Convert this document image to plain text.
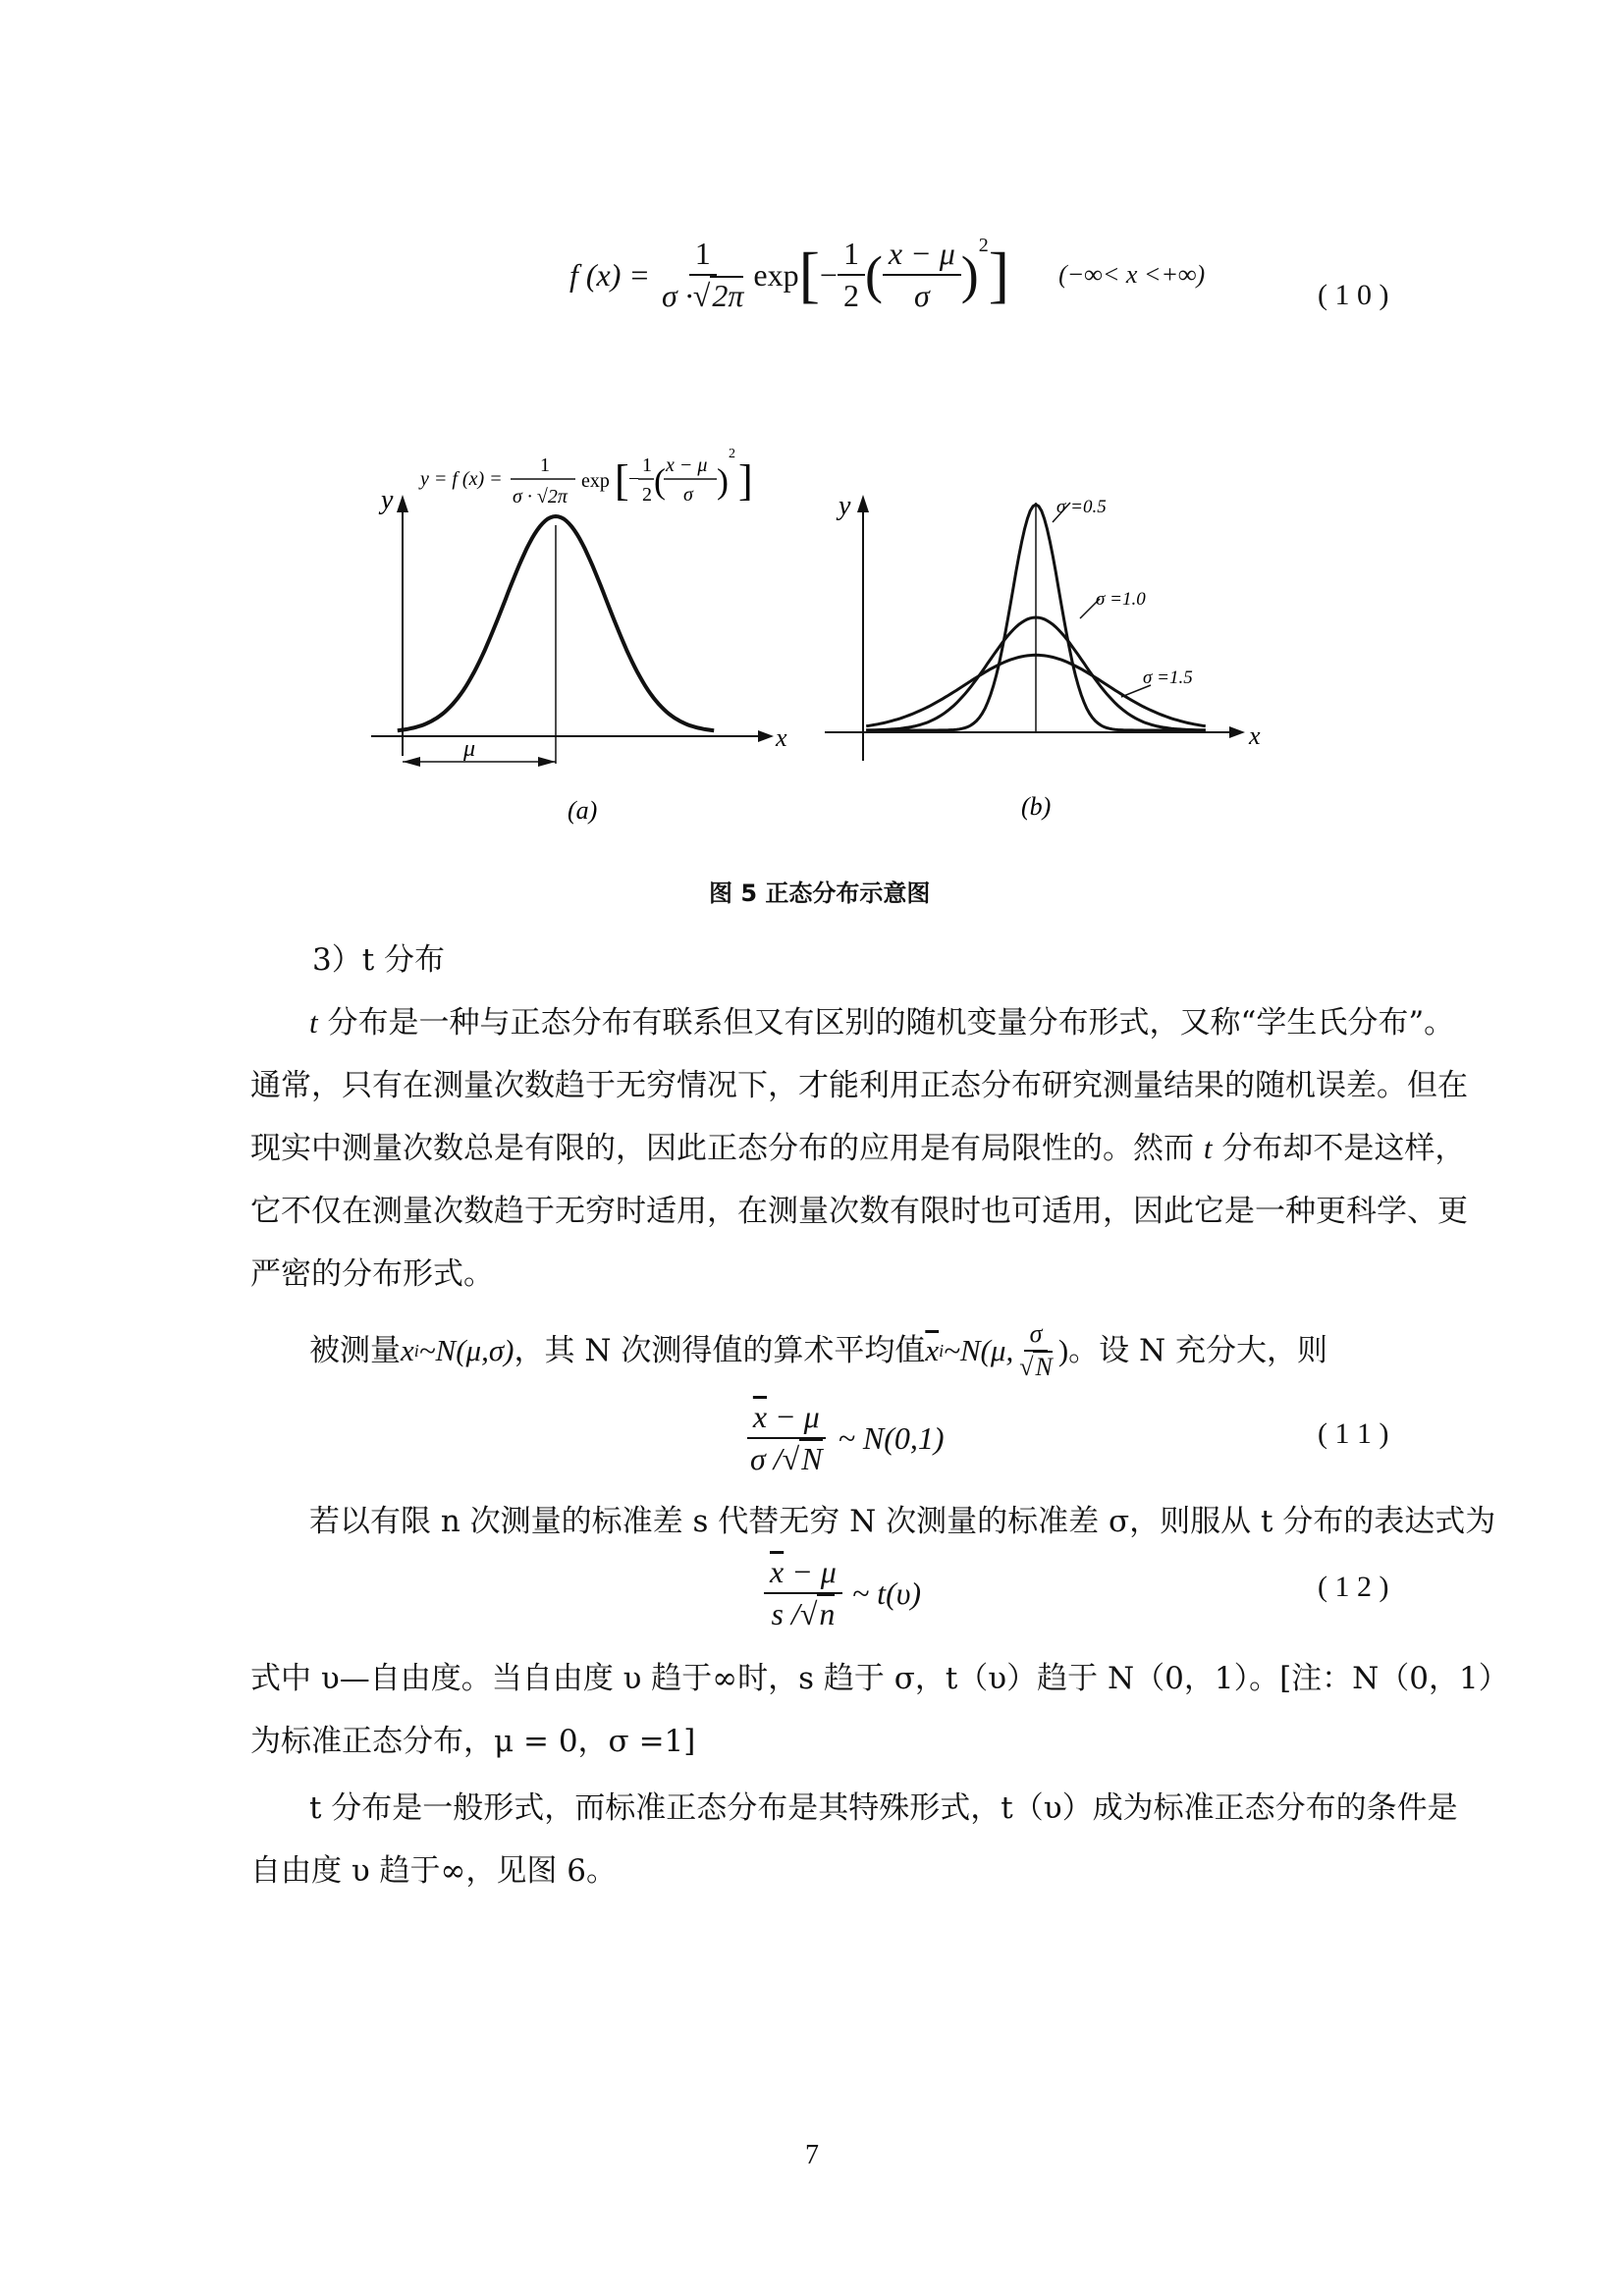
f $(x) = \frac{1}{\sigma \cdot√2\pi}$ exp [ − $\frac{1}{2}$ ( $\frac{x - \mu}{\sigma} )^2$ ] (−∞< x <+∞)
( 1 0 )
y
x
μ
(a)
y = f (x) =
1
σ · √2π
exp [ −
1
2 ( x − μ
σ )
2
]
y
x
σ =0.5
σ =1.0
σ =1.5
(b)
图 5 正态分布示意图
3）t 分布
t 分布是一种与正态分布有联系但又有区别的随机变量分布形式，又称“学生氏分布”。
通常，只有在测量次数趋于无穷情况下，才能利用正态分布研究测量结果的随机误差。但在
现实中测量次数总是有限的，因此正态分布的应用是有局限性的。然而 t 分布却不是这样，
它不仅在测量次数趋于无穷时适用，在测量次数有限时也可适用，因此它是一种更科学、更
严密的分布形式。
被测量 x i ~N(μ,σ) ，其 N 次测得值的算术平均值 $\overline{x}$ i ~N(μ, $\frac{\sigma}{√N}$ ) 。设 N 充分大，则
$\frac{\overline{x} - \mu}{\sigma /√N}$ ~ N(0,1)	( 1 1 )
若以有限 n 次测量的标准差 s 代替无穷 N 次测量的标准差 σ，则服从 t 分布的表达式为
$\frac{\overline{x} - \mu}{s /√n}$ ~ t(υ)	( 1 2 )
式中 υ—自由度。当自由度 υ 趋于∞时，s 趋于 σ，t（υ）趋于 N（0，1）。[注：N（0，1）
为标准正态分布，μ = 0，σ =1]
t 分布是一般形式，而标准正态分布是其特殊形式，t（υ）成为标准正态分布的条件是
自由度 υ 趋于∞，见图 6。
7
